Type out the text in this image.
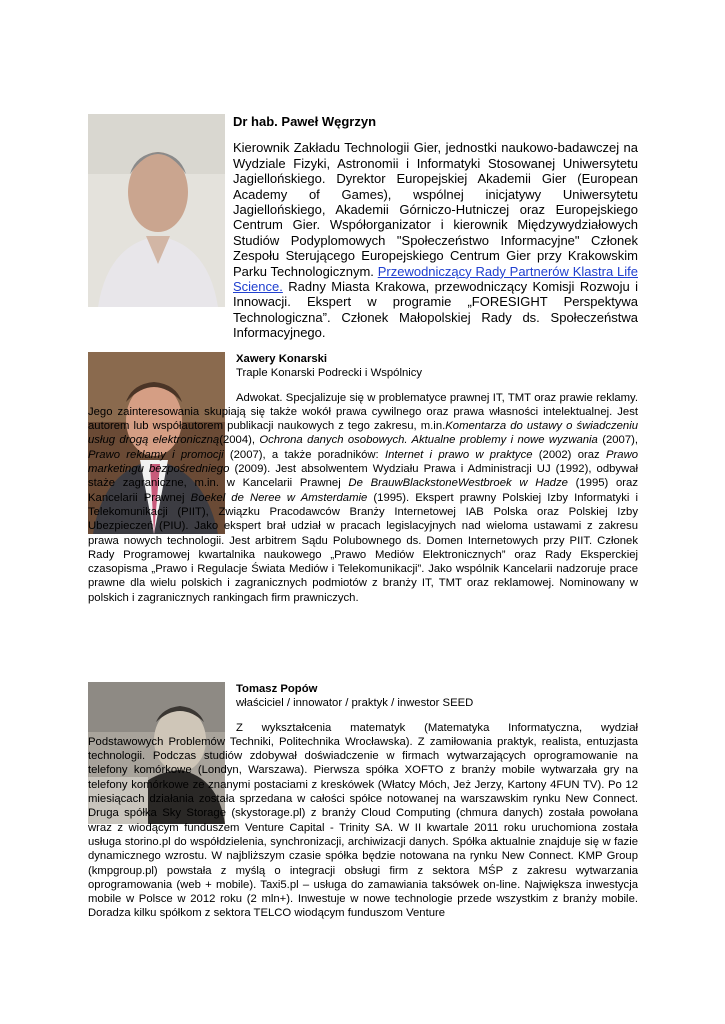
Dr hab. Paweł Węgrzyn

Kierownik Zakładu Technologii Gier, jednostki naukowo-badawczej na Wydziale Fizyki, Astronomii i Informatyki Stosowanej Uniwersytetu Jagiellońskiego. Dyrektor Europejskiej Akademii Gier (European Academy of Games), wspólnej inicjatywy Uniwersytetu Jagiellońskiego, Akademii Górniczo-Hutniczej oraz Europejskiego Centrum Gier. Współorganizator i kierownik Międzywydziałowych Studiów Podyplomowych "Społeczeństwo Informacyjne" Członek Zespołu Sterującego Europejskiego Centrum Gier przy Krakowskim Parku Technologicznym. Przewodniczący Rady Partnerów Klastra Life Science. Radny Miasta Krakowa, przewodniczący Komisji Rozwoju i Innowacji. Ekspert w programie „FORESIGHT Perspektywa Technologiczna”. Członek Małopolskiej Rady ds. Społeczeństwa Informacyjnego.

Xawery Konarski

Traple Konarski Podrecki i Wspólnicy

Adwokat. Specjalizuje się w problematyce prawnej IT, TMT oraz prawie reklamy. Jego zainteresowania skupiają się także wokół prawa cywilnego oraz prawa własności intelektualnej. Jest autorem lub współautorem publikacji naukowych z tego zakresu, m.in.Komentarza do ustawy o świadczeniu usług drogą elektroniczną(2004), Ochrona danych osobowych. Aktualne problemy i nowe wyzwania (2007), Prawo reklamy i promocji (2007), a także poradników: Internet i prawo w praktyce (2002) oraz Prawo marketingu bezpośredniego (2009). Jest absolwentem Wydziału Prawa i Administracji UJ (1992), odbywał staże zagraniczne, m.in. w Kancelarii Prawnej De BrauwBlackstoneWestbroek w Hadze (1995) oraz Kancelarii Prawnej Boekel de Neree w Amsterdamie (1995). Ekspert prawny Polskiej Izby Informatyki i Telekomunikacji (PIIT), Związku Pracodawców Branży Internetowej IAB Polska oraz Polskiej Izby Ubezpieczeń (PIU). Jako ekspert brał udział w pracach legislacyjnych nad wieloma ustawami z zakresu prawa nowych technologii. Jest arbitrem Sądu Polubownego ds. Domen Internetowych przy PIIT. Członek Rady Programowej kwartalnika naukowego „Prawo Mediów Elektronicznych” oraz Rady Eksperckiej czasopisma „Prawo i Regulacje Świata Mediów i Telekomunikacji”. Jako wspólnik Kancelarii nadzoruje prace prawne dla wielu polskich i zagranicznych podmiotów z branży IT, TMT oraz reklamowej. Nominowany w polskich i zagranicznych rankingach firm prawniczych.

Tomasz Popów

właściciel / innowator / praktyk / inwestor SEED

Z wykształcenia matematyk (Matematyka Informatyczna, wydział Podstawowych Problemów Techniki, Politechnika Wrocławska). Z zamiłowania praktyk, realista, entuzjasta technologii. Podczas studiów zdobywał doświadczenie w firmach wytwarzających oprogramowanie na telefony komórkowe (Londyn, Warszawa). Pierwsza spółka XOFTO z branży mobile wytwarzała gry na telefony komórkowe ze znanymi postaciami z kreskówek (Włatcy Móch, Jeż Jerzy, Kartony 4FUN TV). Po 12 miesiącach działania została sprzedana w całości spółce notowanej na warszawskim rynku New Connect. Druga spółka Sky Storage (skystorage.pl) z branży Cloud Computing (chmura danych) została powołana wraz z wiodącym funduszem Venture Capital - Trinity SA. W II kwartale 2011 roku uruchomiona została usługa storino.pl do współdzielenia, synchronizacji, archiwizacji danych. Spółka aktualnie znajduje się w fazie dynamicznego wzrostu. W najbliższym czasie spółka będzie notowana na rynku New Connect. KMP Group (kmpgroup.pl) powstała z myślą o integracji obsługi firm z sektora MŚP z zakresu wytwarzania oprogramowania (web + mobile). Taxi5.pl – usługa do zamawiania taksówek on-line. Największa inwestycja mobile w Polsce w 2012 roku (2 mln+). Inwestuje w nowe technologie przede wszystkim z branży mobile. Doradza kilku spółkom z sektora TELCO wiodącym funduszom Venture
